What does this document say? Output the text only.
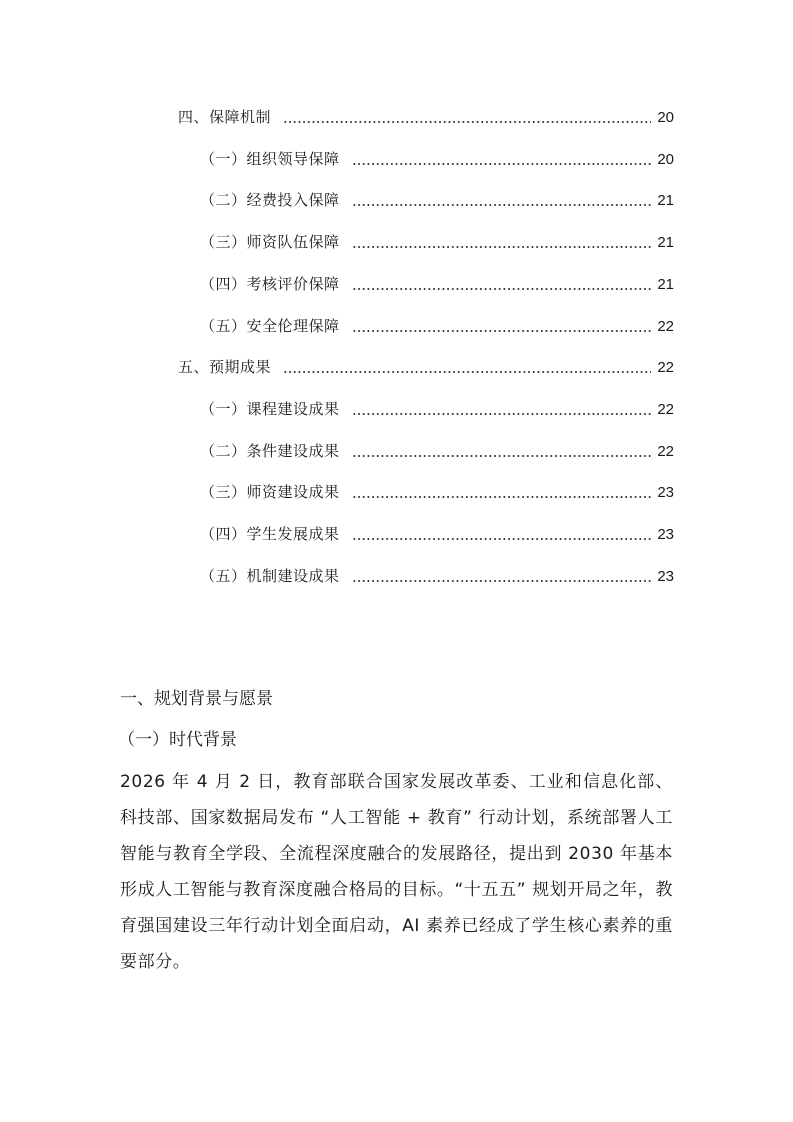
四、保障机制	20
（一）组织领导保障	20
（二）经费投入保障	21
（三）师资队伍保障	21
（四）考核评价保障	21
（五）安全伦理保障	22
五、预期成果	22
（一）课程建设成果	22
（二）条件建设成果	22
（三）师资建设成果	23
（四）学生发展成果	23
（五）机制建设成果	23
一、规划背景与愿景
（一）时代背景
2026 年 4 月 2 日，教育部联合国家发展改革委、工业和信息化部、科技部、国家数据局发布 “人工智能 + 教育” 行动计划，系统部署人工智能与教育全学段、全流程深度融合的发展路径，提出到 2030 年基本形成人工智能与教育深度融合格局的目标。“十五五” 规划开局之年，教育强国建设三年行动计划全面启动，AI 素养已经成了学生核心素养的重要部分。
